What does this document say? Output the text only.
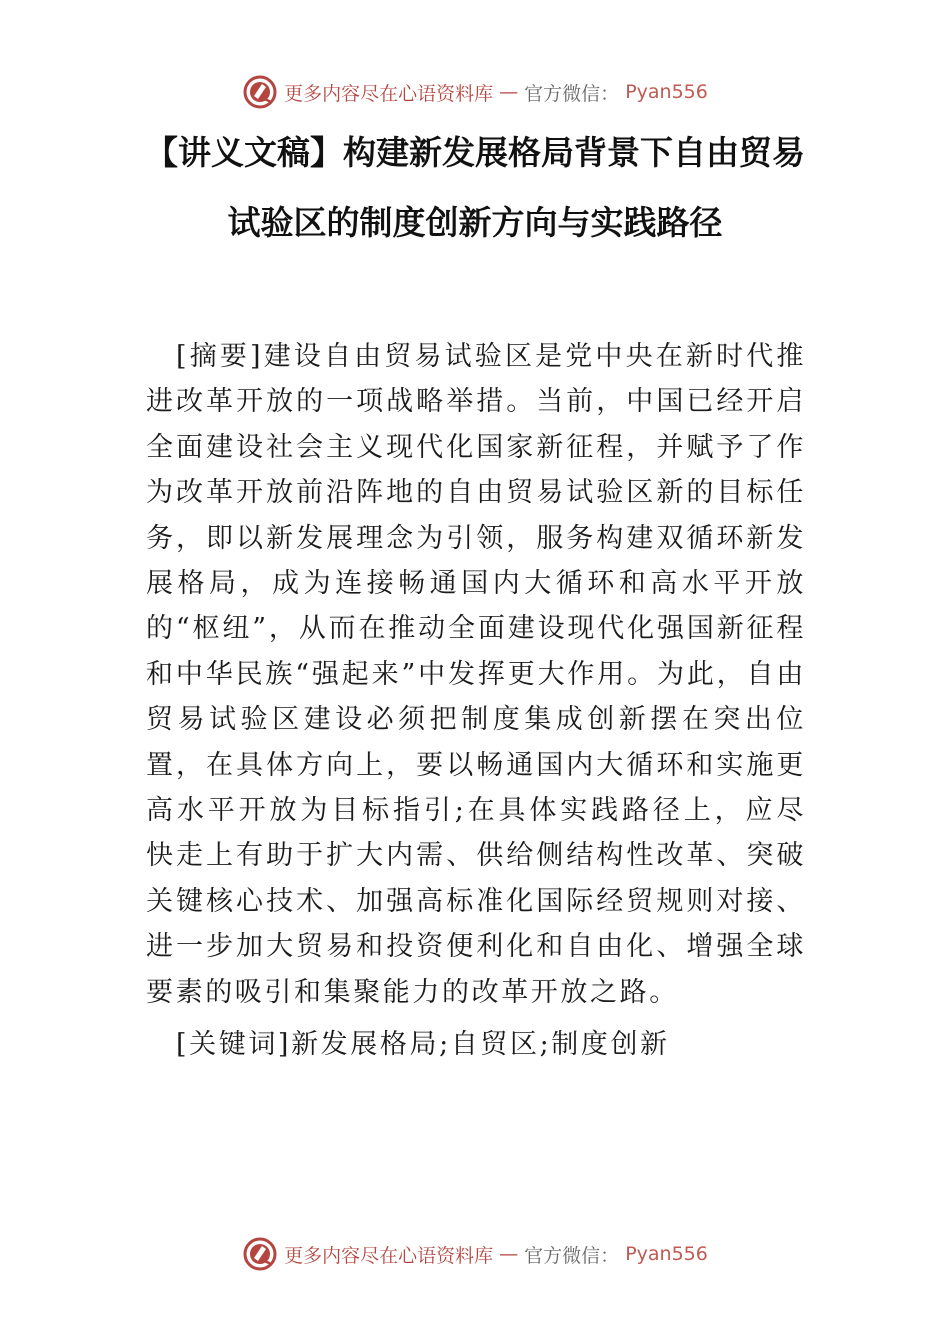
更多内容尽在心语资料库 — 官方微信： Pyan556
【讲义文稿】构建新发展格局背景下自由贸易
试验区的制度创新方向与实践路径

[摘要]建设自由贸易试验区是党中央在新时代推进改革开放的一项战略举措。当前，中国已经开启全面建设社会主义现代化国家新征程，并赋予了作为改革开放前沿阵地的自由贸易试验区新的目标任务，即以新发展理念为引领，服务构建双循环新发展格局，成为连接畅通国内大循环和高水平开放的“枢纽”，从而在推动全面建设现代化强国新征程和中华民族“强起来”中发挥更大作用。为此，自由贸易试验区建设必须把制度集成创新摆在突出位置，在具体方向上，要以畅通国内大循环和实施更高水平开放为目标指引;在具体实践路径上，应尽快走上有助于扩大内需、供给侧结构性改革、突破关键核心技术、加强高标准化国际经贸规则对接、进一步加大贸易和投资便利化和自由化、增强全球要素的吸引和集聚能力的改革开放之路。

[关键词]新发展格局;自贸区;制度创新

更多内容尽在心语资料库 — 官方微信： Pyan556
